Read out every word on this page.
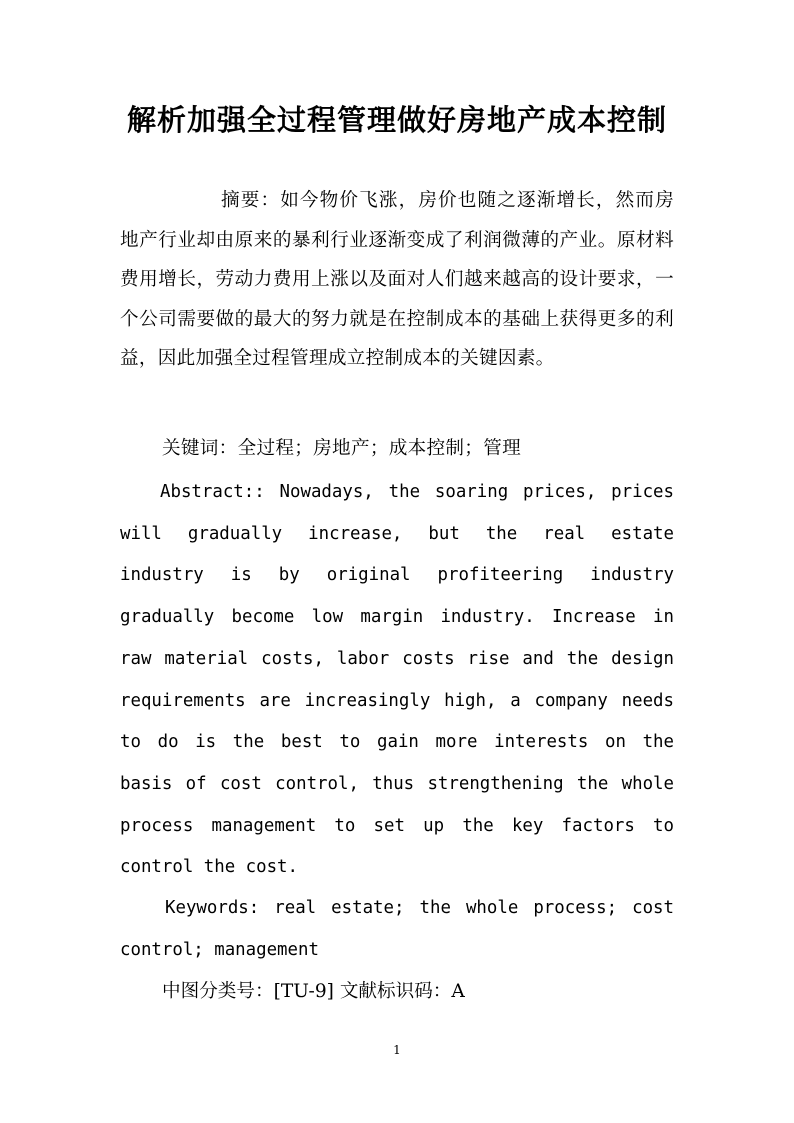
解析加强全过程管理做好房地产成本控制

摘要：如今物价飞涨，房价也随之逐渐增长，然而房地产行业却由原来的暴利行业逐渐变成了利润微薄的产业。原材料费用增长，劳动力费用上涨以及面对人们越来越高的设计要求，一个公司需要做的最大的努力就是在控制成本的基础上获得更多的利益，因此加强全过程管理成立控制成本的关键因素。

关键词：全过程；房地产；成本控制；管理

Abstract:: Nowadays, the soaring prices, prices will gradually increase, but the real estate industry is by original profiteering industry gradually become low margin industry. Increase in raw material costs, labor costs rise and the design requirements are increasingly high, a company needs to do is the best to gain more interests on the basis of cost control, thus strengthening the whole process management to set up the key factors to control the cost.

Keywords: real estate; the whole process; cost control; management

中图分类号：[TU-9] 文献标识码：A

1
